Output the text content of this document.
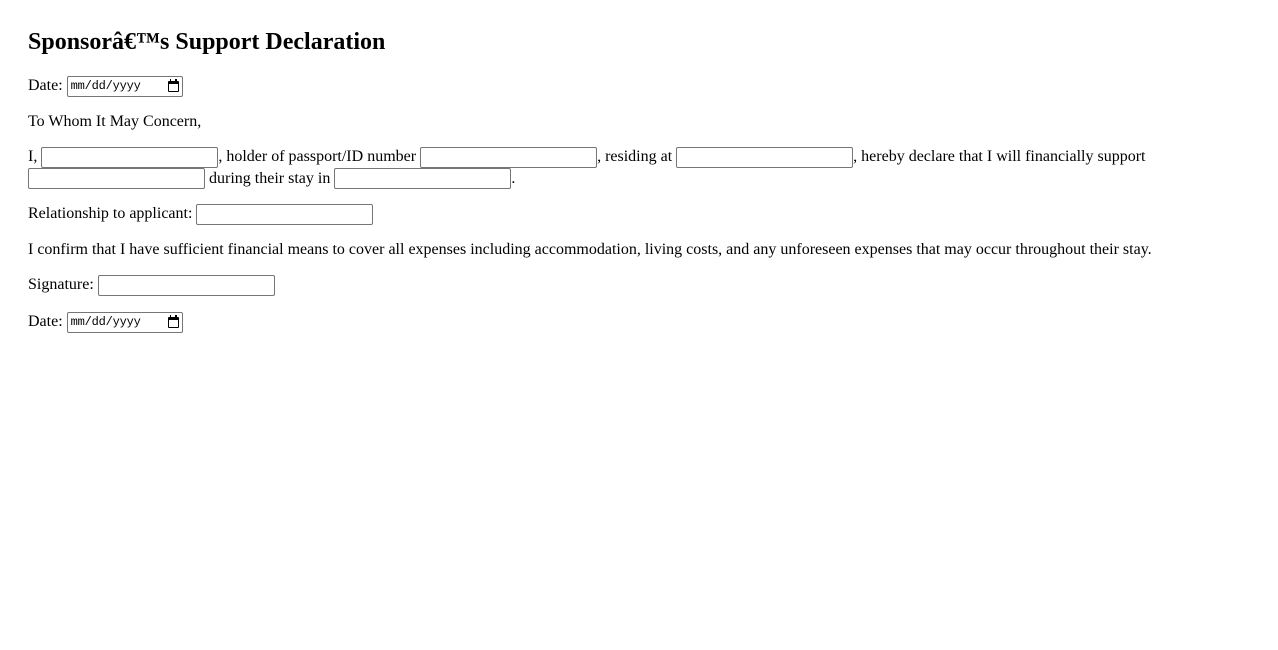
Sponsorâ€™s Support Declaration

Date: mm/dd/yyyy

To Whom It May Concern,

I,	, holder of passport/ID number	, residing at	, hereby declare that I will financially support  during their stay in	.

Relationship to applicant:

I confirm that I have sufficient financial means to cover all expenses including accommodation, living costs, and any unforeseen expenses that may occur throughout their stay.

Signature:

Date: mm/dd/yyyy
